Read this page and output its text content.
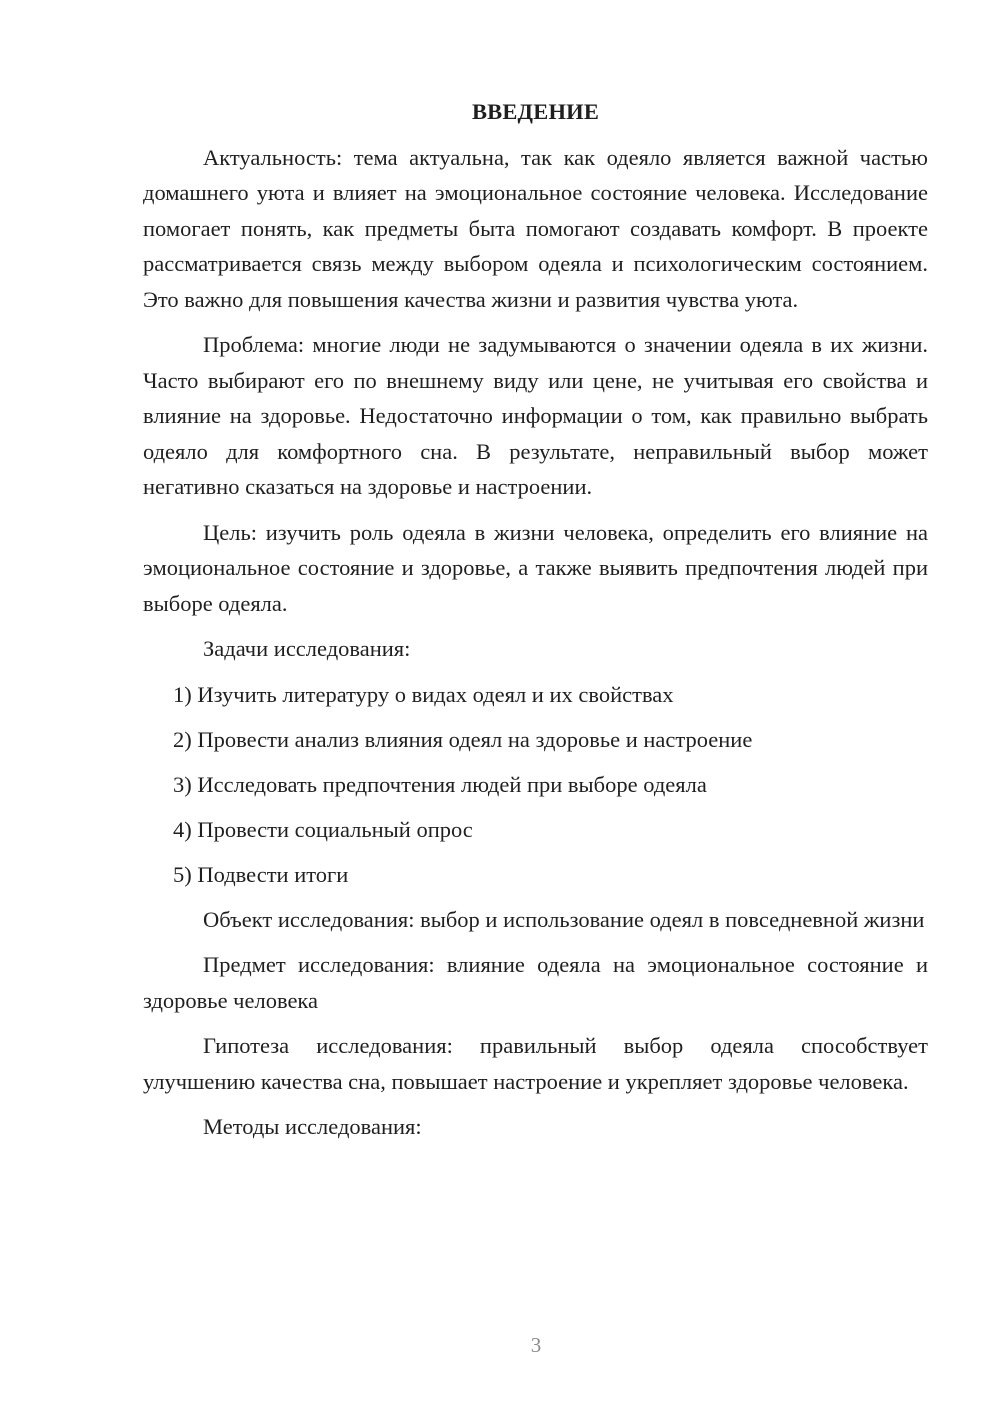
ВВЕДЕНИЕ

Актуальность: тема актуальна, так как одеяло является важной частью домашнего уюта и влияет на эмоциональное состояние человека. Исследование помогает понять, как предметы быта помогают создавать комфорт. В проекте рассматривается связь между выбором одеяла и психологическим состоянием. Это важно для повышения качества жизни и развития чувства уюта.

Проблема: многие люди не задумываются о значении одеяла в их жизни. Часто выбирают его по внешнему виду или цене, не учитывая его свойства и влияние на здоровье. Недостаточно информации о том, как правильно выбрать одеяло для комфортного сна. В результате, неправильный выбор может негативно сказаться на здоровье и настроении.

Цель: изучить роль одеяла в жизни человека, определить его влияние на эмоциональное состояние и здоровье, а также выявить предпочтения людей при выборе одеяла.

Задачи исследования:
1) Изучить литературу о видах одеял и их свойствах
2) Провести анализ влияния одеял на здоровье и настроение
3) Исследовать предпочтения людей при выборе одеяла
4) Провести социальный опрос
5) Подвести итоги

Объект исследования: выбор и использование одеял в повседневной жизни

Предмет исследования: влияние одеяла на эмоциональное состояние и здоровье человека

Гипотеза исследования: правильный выбор одеяла способствует улучшению качества сна, повышает настроение и укрепляет здоровье человека.

Методы исследования:

3
